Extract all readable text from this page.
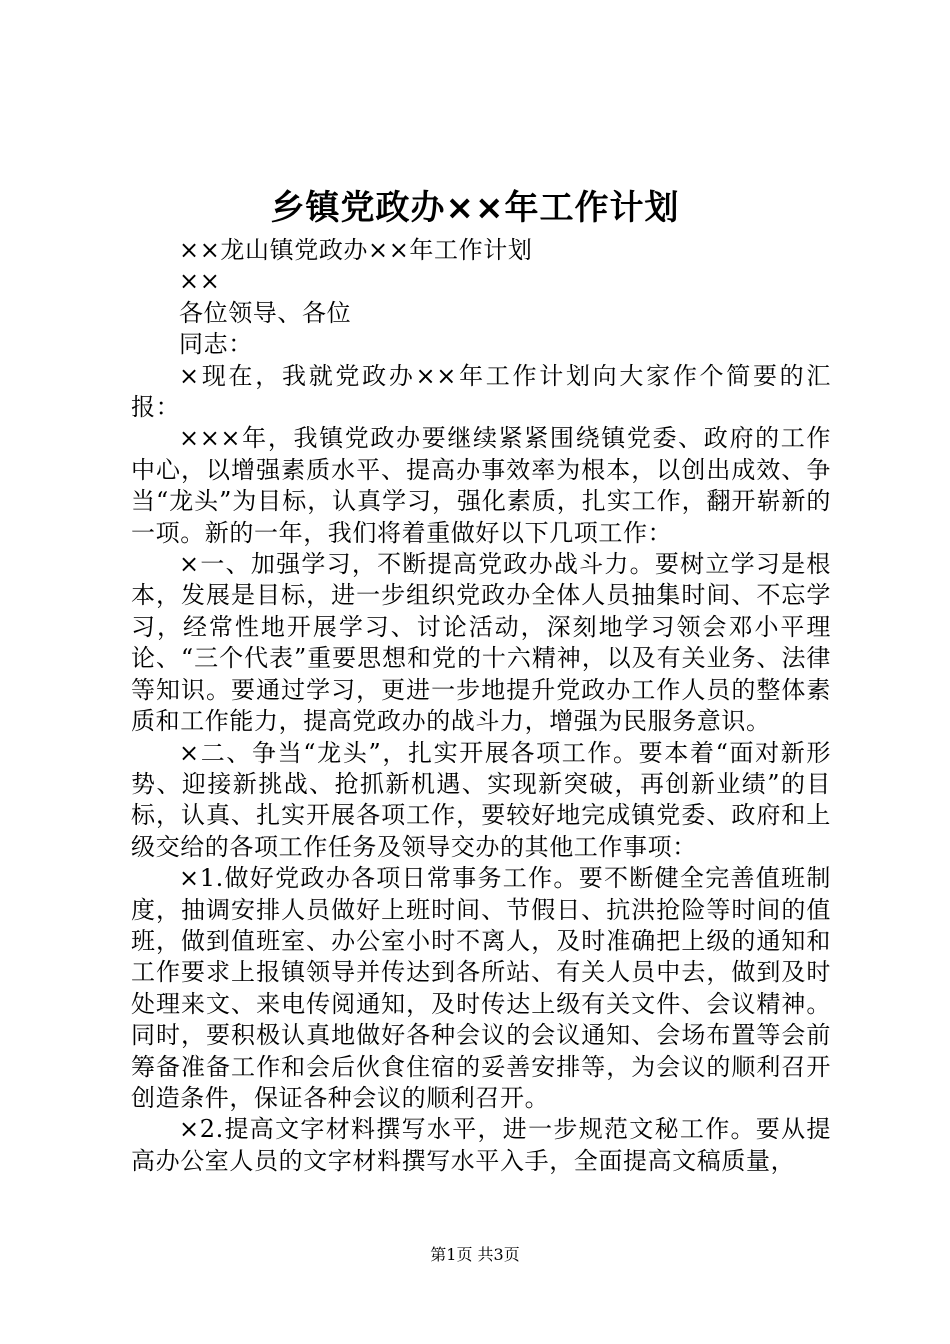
乡镇党政办××年工作计划

××龙山镇党政办××年工作计划

××

各位领导、各位

同志：

×现在，我就党政办××年工作计划向大家作个简要的汇报：

×××年，我镇党政办要继续紧紧围绕镇党委、政府的工作中心，以增强素质水平、提高办事效率为根本，以创出成效、争当“龙头”为目标，认真学习，强化素质，扎实工作，翻开崭新的一项。新的一年，我们将着重做好以下几项工作：

×一、加强学习，不断提高党政办战斗力。要树立学习是根本，发展是目标，进一步组织党政办全体人员抽集时间、不忘学习，经常性地开展学习、讨论活动，深刻地学习领会邓小平理论、“三个代表”重要思想和党的十六精神，以及有关业务、法律等知识。要通过学习，更进一步地提升党政办工作人员的整体素质和工作能力，提高党政办的战斗力，增强为民服务意识。

×二、争当“龙头”，扎实开展各项工作。要本着“面对新形势、迎接新挑战、抢抓新机遇、实现新突破，再创新业绩”的目标，认真、扎实开展各项工作，要较好地完成镇党委、政府和上级交给的各项工作任务及领导交办的其他工作事项：

×1.做好党政办各项日常事务工作。要不断健全完善值班制度，抽调安排人员做好上班时间、节假日、抗洪抢险等时间的值班，做到值班室、办公室小时不离人，及时准确把上级的通知和工作要求上报镇领导并传达到各所站、有关人员中去，做到及时处理来文、来电传阅通知，及时传达上级有关文件、会议精神。同时，要积极认真地做好各种会议的会议通知、会场布置等会前筹备准备工作和会后伙食住宿的妥善安排等，为会议的顺利召开创造条件，保证各种会议的顺利召开。

×2.提高文字材料撰写水平，进一步规范文秘工作。要从提高办公室人员的文字材料撰写水平入手，全面提高文稿质量，

第1页 共3页
